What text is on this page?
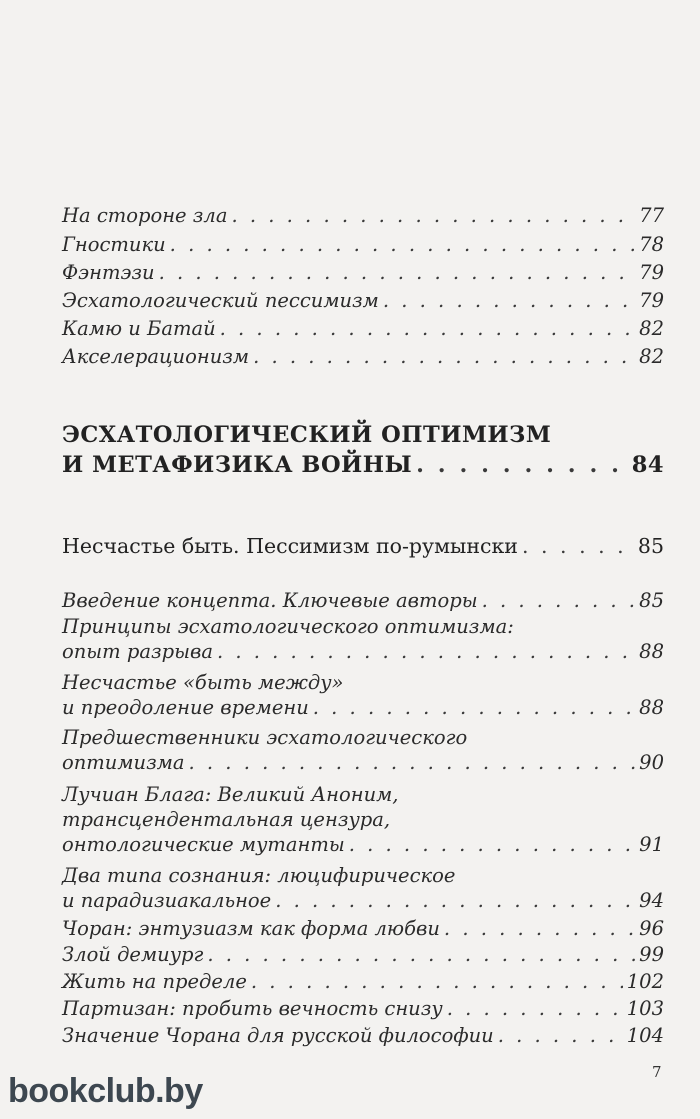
На стороне зла . . .	77
Гностики . . .	78
Фэнтэзи . . .	79
Эсхатологический пессимизм . . .	79
Камю и Батай . . .	82
Акселерационизм . . .	82
ЭСХАТОЛОГИЧЕСКИЙ ОПТИМИЗМ
И МЕТАФИЗИКА ВОЙНЫ . . .	84
Несчастье быть. Пессимизм по-румынски . . .	85
Введение концепта. Ключевые авторы . . .	85
Принципы эсхатологического оптимизма:
опыт разрыва . . .	88
Несчастье «быть между»
и преодоление времени . . .	88
Предшественники эсхатологического
оптимизма . . .	90
Лучиан Блага: Великий Аноним,
трансцендентальная цензура,
онтологические мутанты . . .	91
Два типа сознания: люцифирическое
и парадизиакальное . . .	94
Чоран: энтузиазм как форма любви . . .	96
Злой демиург . . .	99
Жить на пределе . . .	102
Партизан: пробить вечность снизу . . .	103
Значение Чорана для русской философии . . .	104
7
bookclub.by
